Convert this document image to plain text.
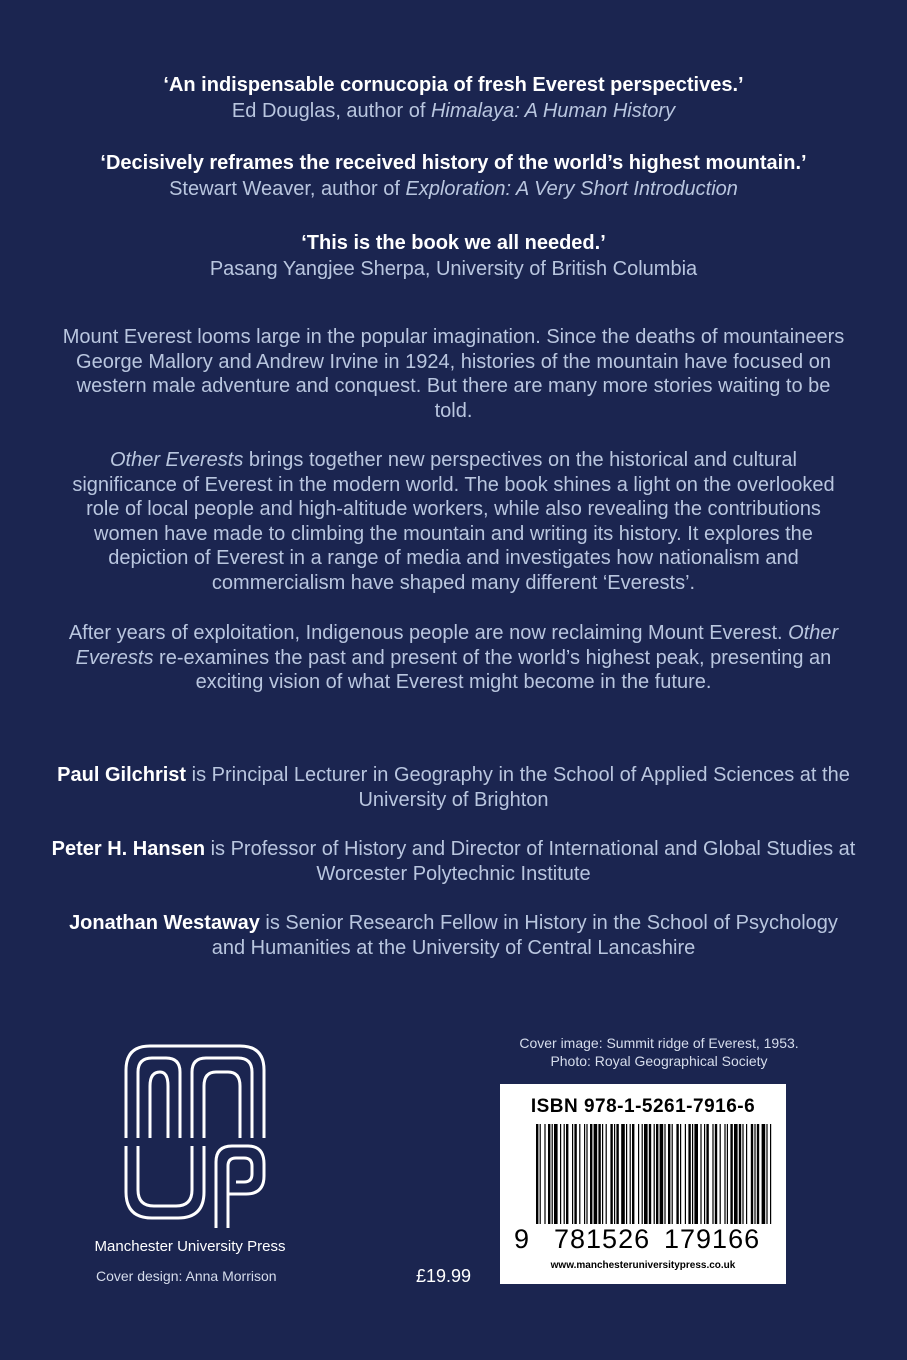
‘An indispensable cornucopia of fresh Everest perspectives.’
Ed Douglas, author of Himalaya: A Human History
‘Decisively reframes the received history of the world’s highest mountain.’
Stewart Weaver, author of Exploration: A Very Short Introduction
‘This is the book we all needed.’
Pasang Yangjee Sherpa, University of British Columbia
Mount Everest looms large in the popular imagination. Since the deaths of mountaineers George Mallory and Andrew Irvine in 1924, histories of the mountain have focused on western male adventure and conquest. But there are many more stories waiting to be told.
Other Everests brings together new perspectives on the historical and cultural significance of Everest in the modern world. The book shines a light on the overlooked role of local people and high-altitude workers, while also revealing the contributions women have made to climbing the mountain and writing its history. It explores the depiction of Everest in a range of media and investigates how nationalism and commercialism have shaped many different ‘Everests’.
After years of exploitation, Indigenous people are now reclaiming Mount Everest. Other Everests re-examines the past and present of the world’s highest peak, presenting an exciting vision of what Everest might become in the future.
Paul Gilchrist is Principal Lecturer in Geography in the School of Applied Sciences at the University of Brighton
Peter H. Hansen is Professor of History and Director of International and Global Studies at Worcester Polytechnic Institute
Jonathan Westaway is Senior Research Fellow in History in the School of Psychology and Humanities at the University of Central Lancashire
Cover image: Summit ridge of Everest, 1953.
Photo: Royal Geographical Society
ISBN 978-1-5261-7916-6
9 781526 179166
www.manchesteruniversitypress.co.uk
Manchester University Press
Cover design: Anna Morrison	£19.99
